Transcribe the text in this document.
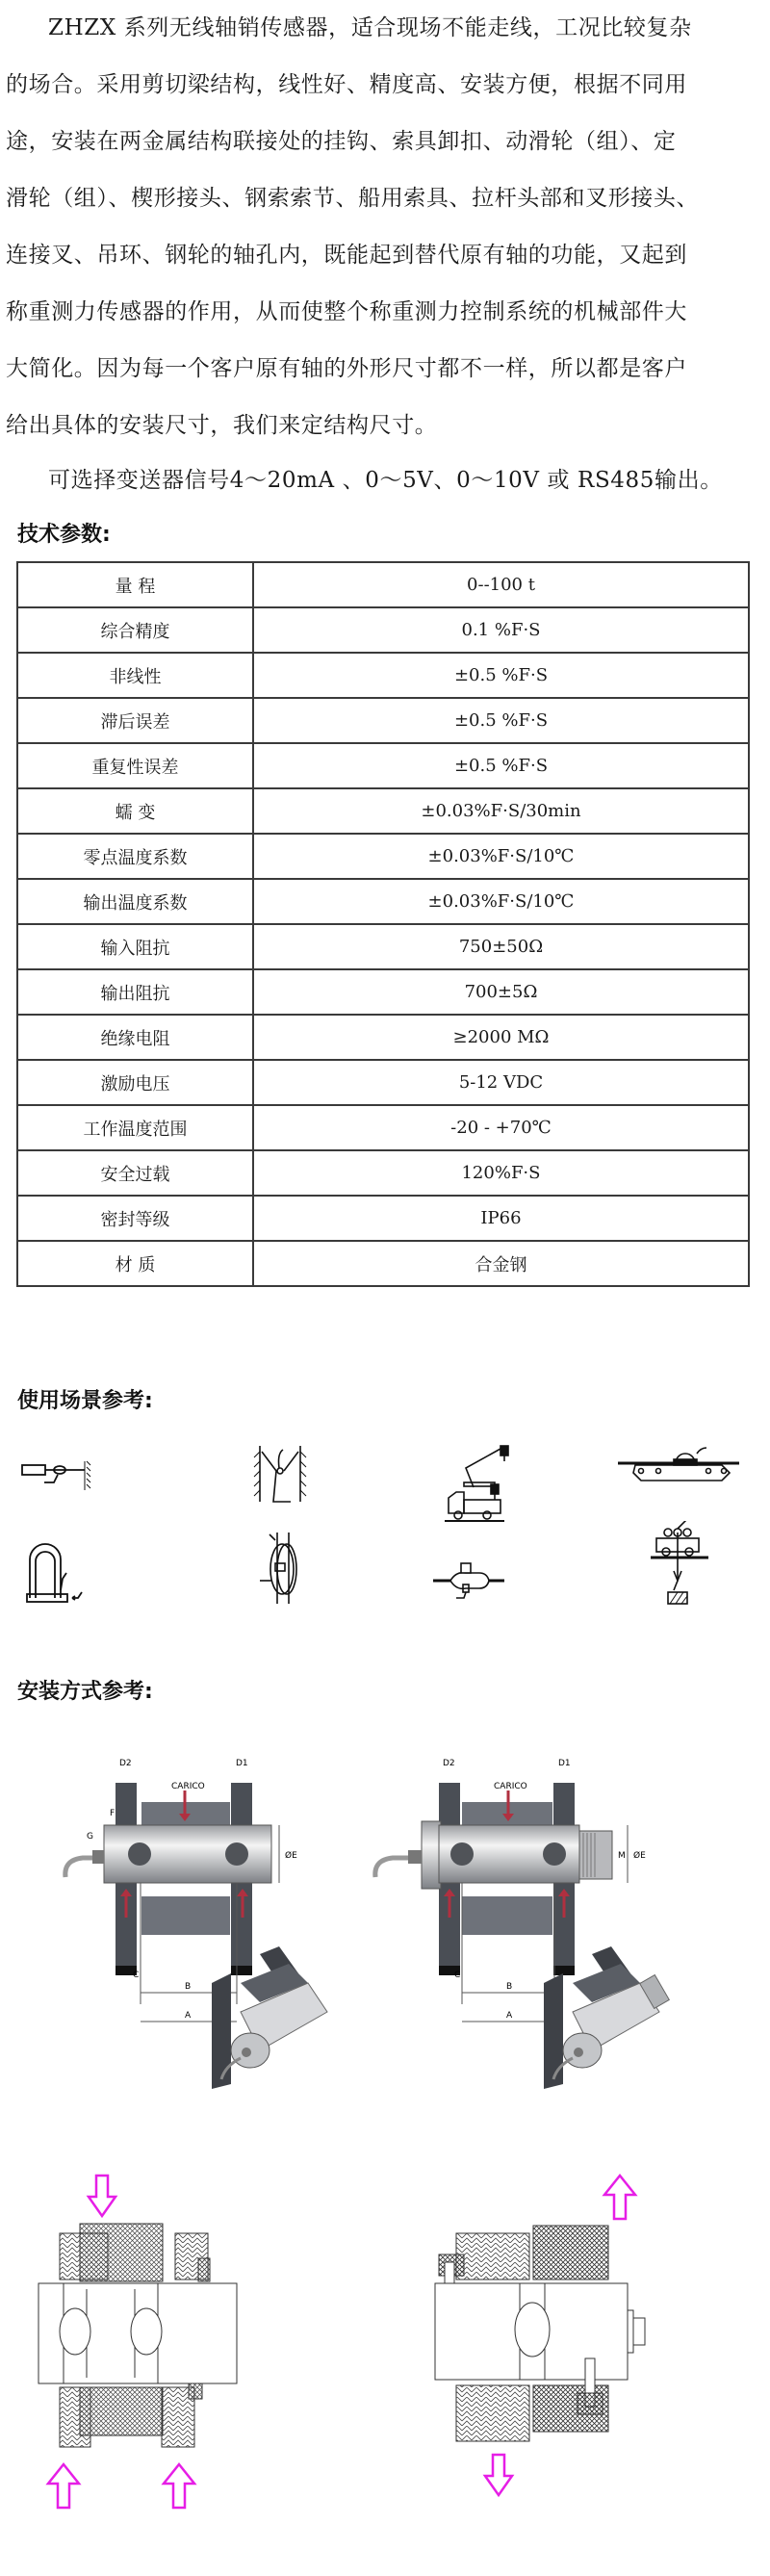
ZHZX 系列无线轴销传感器，适合现场不能走线，工况比较复杂
的场合。采用剪切梁结构，线性好、精度高、安装方便，根据不同用
途，安装在两金属结构联接处的挂钩、索具卸扣、动滑轮（组）、定
滑轮（组）、楔形接头、钢索索节、船用索具、拉杆头部和叉形接头、
连接叉、吊环、钢轮的轴孔内，既能起到替代原有轴的功能，又起到
称重测力传感器的作用，从而使整个称重测力控制系统的机械部件大
大简化。因为每一个客户原有轴的外形尺寸都不一样，所以都是客户
给出具体的安装尺寸，我们来定结构尺寸。
可选择变送器信号4～20mA 、0～5V、0～10V 或 RS485输出。
技术参数:
量 程	0--100 t
综合精度	0.1 %F·S
非线性	±0.5 %F·S
滞后误差	±0.5 %F·S
重复性误差	±0.5 %F·S
蠕 变	±0.03%F·S/30min
零点温度系数	±0.03%F·S/10℃
输出温度系数	±0.03%F·S/10℃
输入阻抗	750±50Ω
输出阻抗	700±5Ω
绝缘电阻	≥2000 MΩ
激励电压	5-12 VDC
工作温度范围	-20 - +70℃
安全过载	120%F·S
密封等级	IP66
材 质	合金钢
使用场景参考:
安装方式参考:
D2	D1
CARICO
F
G
ØE
B
A
C
D2	D1
CARICO
M ØE
B
A
C
